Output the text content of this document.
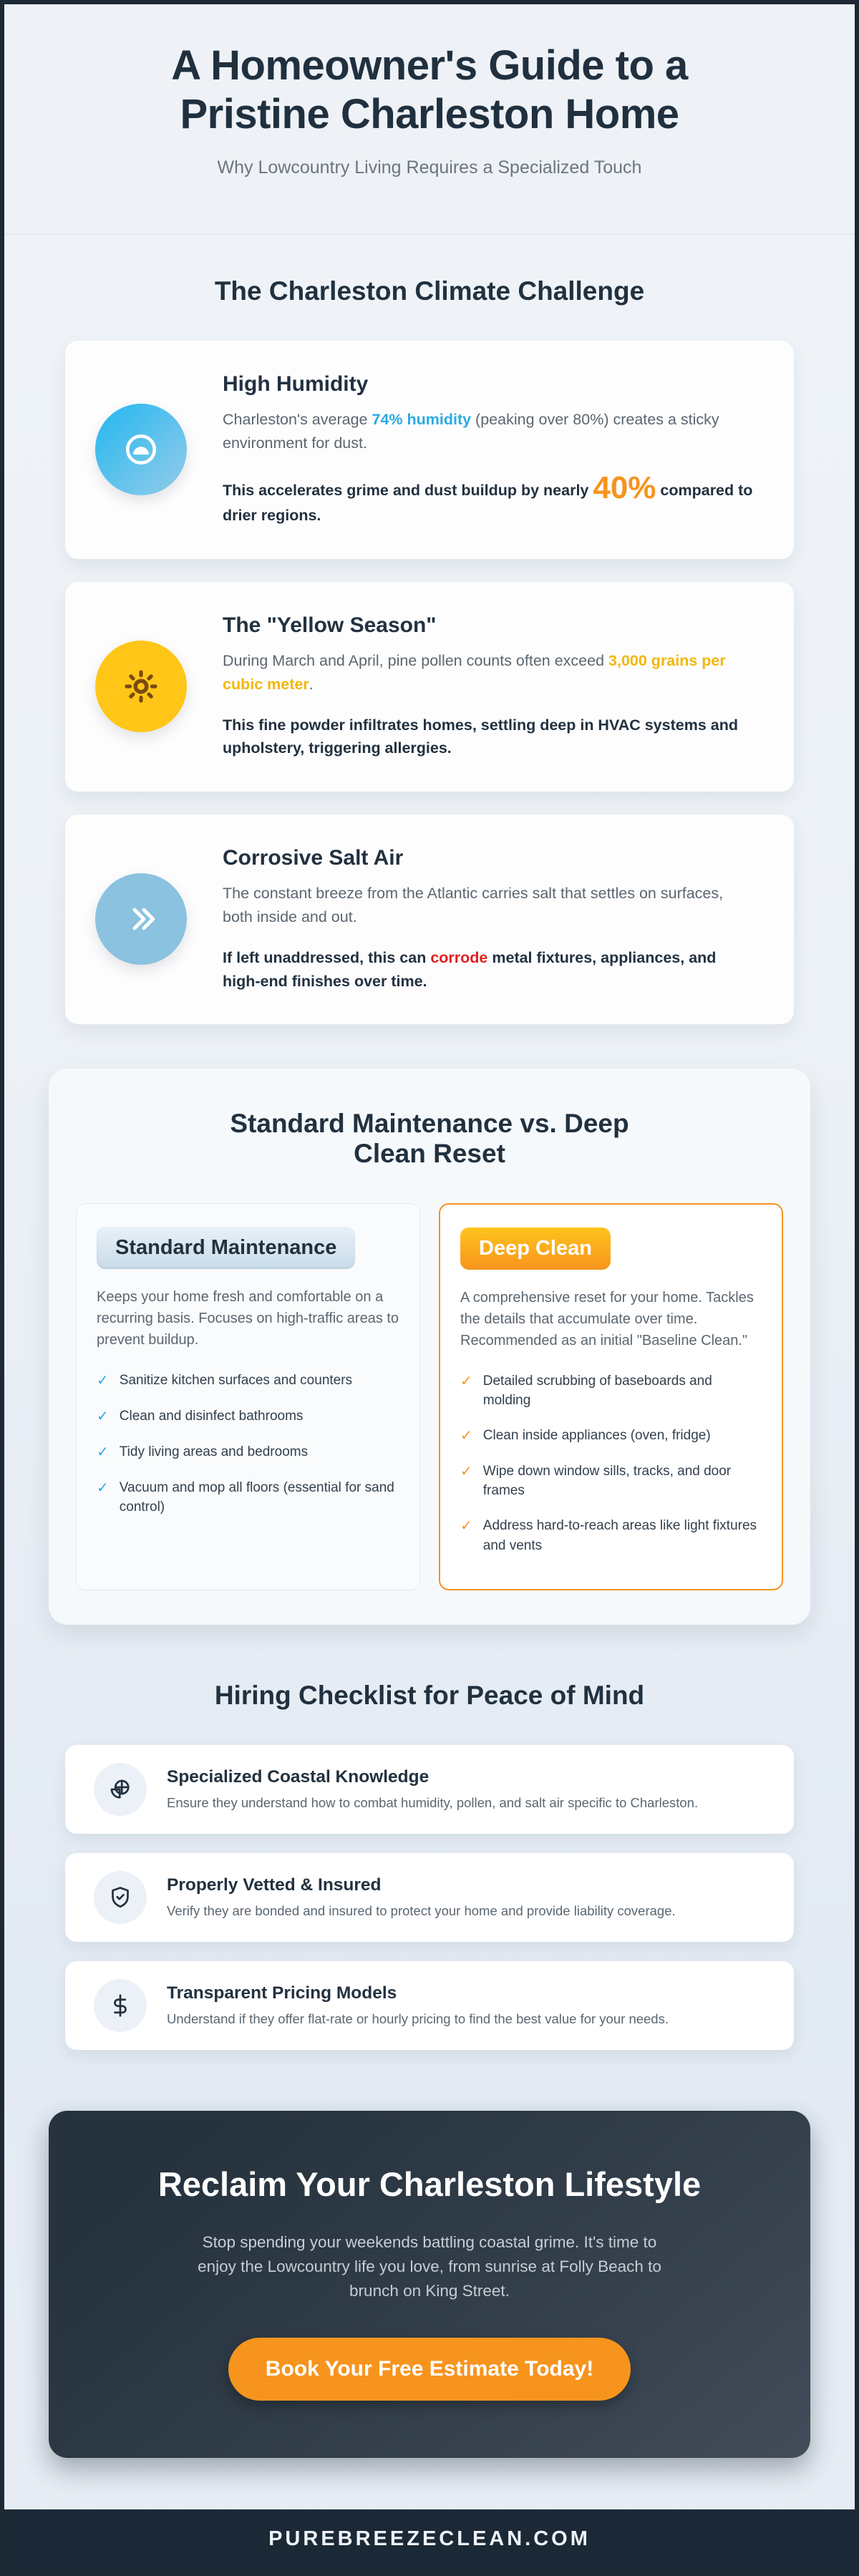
A Homeowner's Guide to a Pristine Charleston Home
Why Lowcountry Living Requires a Specialized Touch
The Charleston Climate Challenge
High Humidity

Charleston's average 74% humidity (peaking over 80%) creates a sticky environment for dust.

This accelerates grime and dust buildup by nearly 40% compared to drier regions.

The "Yellow Season"

During March and April, pine pollen counts often exceed 3,000 grains per cubic meter.

This fine powder infiltrates homes, settling deep in HVAC systems and upholstery, triggering allergies.

Corrosive Salt Air

The constant breeze from the Atlantic carries salt that settles on surfaces, both inside and out.

If left unaddressed, this can corrode metal fixtures, appliances, and high-end finishes over time.

Standard Maintenance vs. Deep Clean Reset
Standard Maintenance

Keeps your home fresh and comfortable on a recurring basis. Focuses on high-traffic areas to prevent buildup.

✓ Sanitize kitchen surfaces and counters
✓ Clean and disinfect bathrooms
✓ Tidy living areas and bedrooms
✓ Vacuum and mop all floors (essential for sand control)
Deep Clean

A comprehensive reset for your home. Tackles the details that accumulate over time. Recommended as an initial "Baseline Clean."

✓ Detailed scrubbing of baseboards and molding
✓ Clean inside appliances (oven, fridge)
✓ Wipe down window sills, tracks, and door frames
✓ Address hard-to-reach areas like light fixtures and vents
Hiring Checklist for Peace of Mind
Specialized Coastal Knowledge

Ensure they understand how to combat humidity, pollen, and salt air specific to Charleston.

Properly Vetted & Insured

Verify they are bonded and insured to protect your home and provide liability coverage.

Transparent Pricing Models

Understand if they offer flat-rate or hourly pricing to find the best value for your needs.

Reclaim Your Charleston Lifestyle

Stop spending your weekends battling coastal grime. It's time to enjoy the Lowcountry life you love, from sunrise at Folly Beach to brunch on King Street.

Book Your Free Estimate Today!
PUREBREEZECLEAN.COM
